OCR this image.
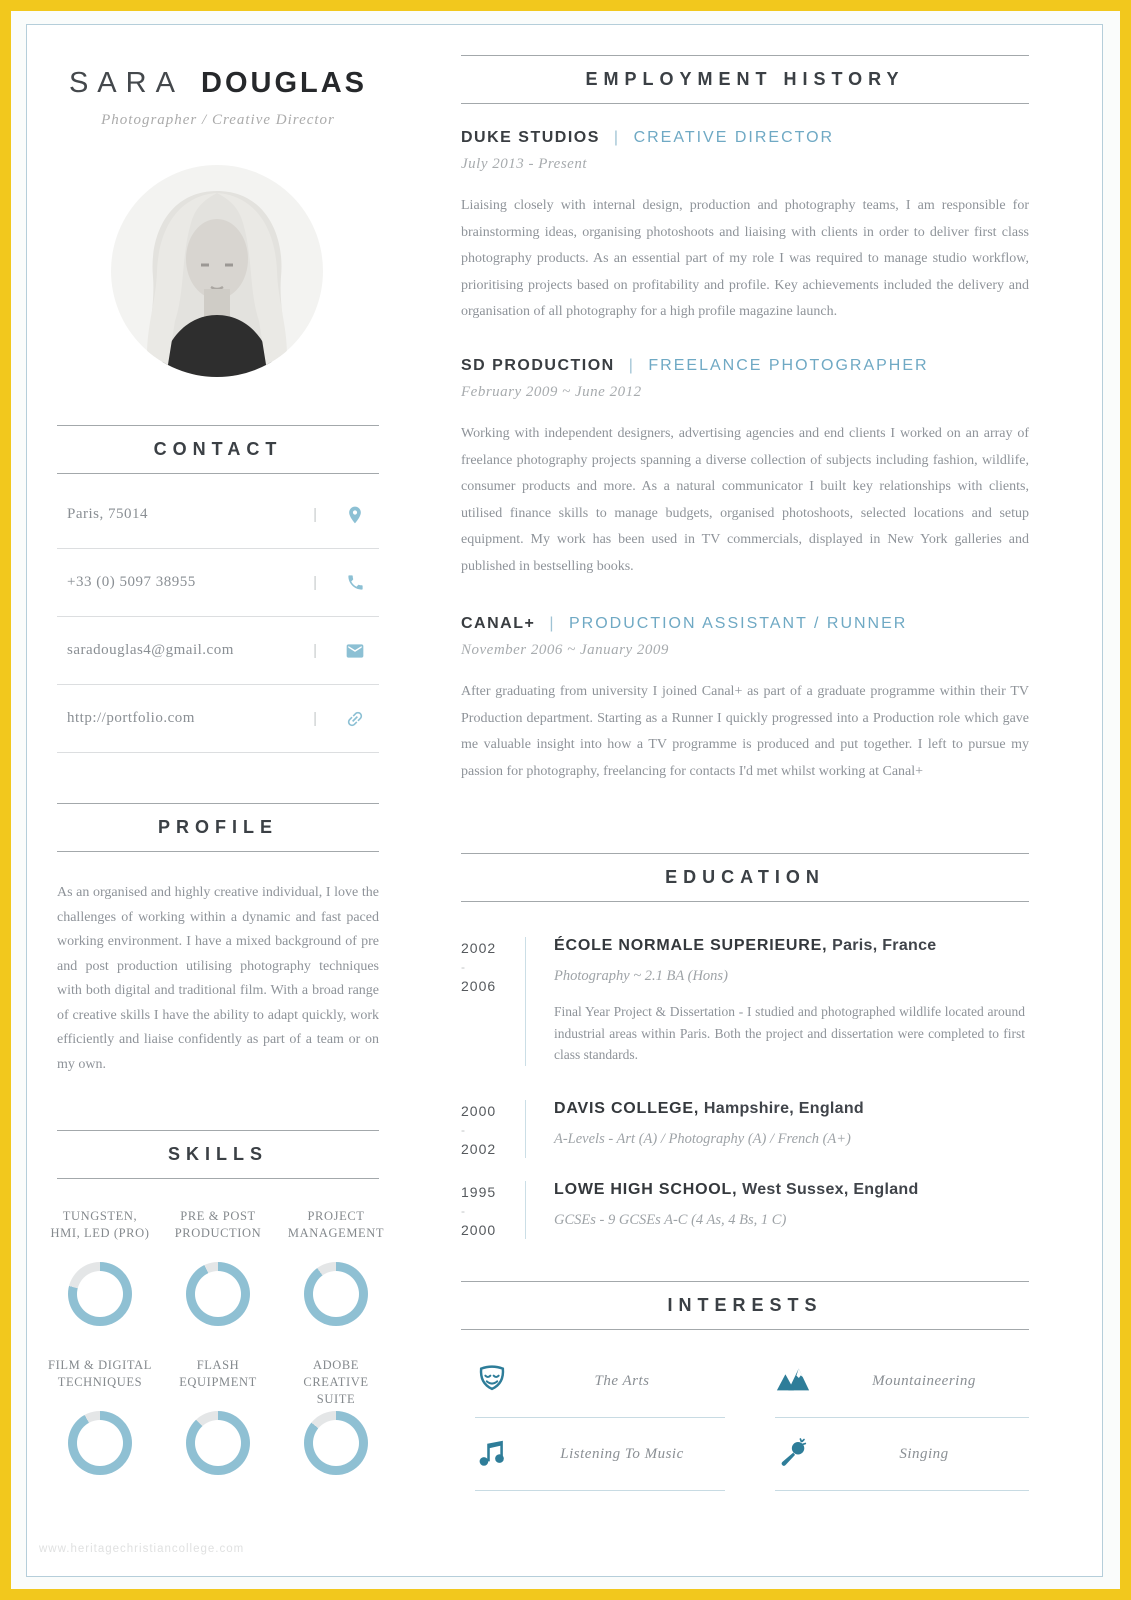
SARA DOUGLAS
Photographer / Creative Director
CONTACT
Paris, 75014	|
+33 (0) 5097 38955	|
saradouglas4@gmail.com	|
http://portfolio.com	|
PROFILE
As an organised and highly creative individual, I love the challenges of working within a dynamic and fast paced working environment. I have a mixed background of pre and post production utilising photography techniques with both digital and traditional film. With a broad range of creative skills I have the ability to adapt quickly, work efficiently and liaise confidently as part of a team or on my own.
SKILLS
TUNGSTEN,
HMI, LED (PRO)
PRE & POST
PRODUCTION
PROJECT
MANAGEMENT
FILM & DIGITAL
TECHNIQUES
FLASH
EQUIPMENT
ADOBE CREATIVE
SUITE
EMPLOYMENT HISTORY
DUKE STUDIOS | CREATIVE DIRECTOR
July 2013 - Present
Liaising closely with internal design, production and photography teams, I am responsible for brainstorming ideas, organising photoshoots and liaising with clients in order to deliver first class photography products. As an essential part of my role I was required to manage studio workflow, prioritising projects based on profitability and profile. Key achievements included the delivery and organisation of all photography for a high profile magazine launch.
SD PRODUCTION | FREELANCE PHOTOGRAPHER
February 2009 ~ June 2012
Working with independent designers, advertising agencies and end clients I worked on an array of freelance photography projects spanning a diverse collection of subjects including fashion, wildlife, consumer products and more. As a natural communicator I built key relationships with clients, utilised finance skills to manage budgets, organised photoshoots, selected locations and setup equipment. My work has been used in TV commercials, displayed in New York galleries and published in bestselling books.
CANAL+ | PRODUCTION ASSISTANT / RUNNER
November 2006 ~ January 2009
After graduating from university I joined Canal+ as part of a graduate programme within their TV Production department. Starting as a Runner I quickly progressed into a Production role which gave me valuable insight into how a TV programme is produced and put together. I left to pursue my passion for photography, freelancing for contacts I'd met whilst working at Canal+
EDUCATION
2002
-
2006
ÉCOLE NORMALE SUPERIEURE, Paris, France
Photography ~ 2.1 BA (Hons)
Final Year Project & Dissertation - I studied and photographed wildlife located around industrial areas within Paris. Both the project and dissertation were completed to first class standards.
2000
-
2002
DAVIS COLLEGE, Hampshire, England
A-Levels - Art (A) / Photography (A) / French (A+)
1995
-
2000
LOWE HIGH SCHOOL, West Sussex, England
GCSEs - 9 GCSEs A-C (4 As, 4 Bs, 1 C)
INTERESTS
The Arts	Mountaineering
Listening To Music	Singing
www.heritagechristiancollege.com
